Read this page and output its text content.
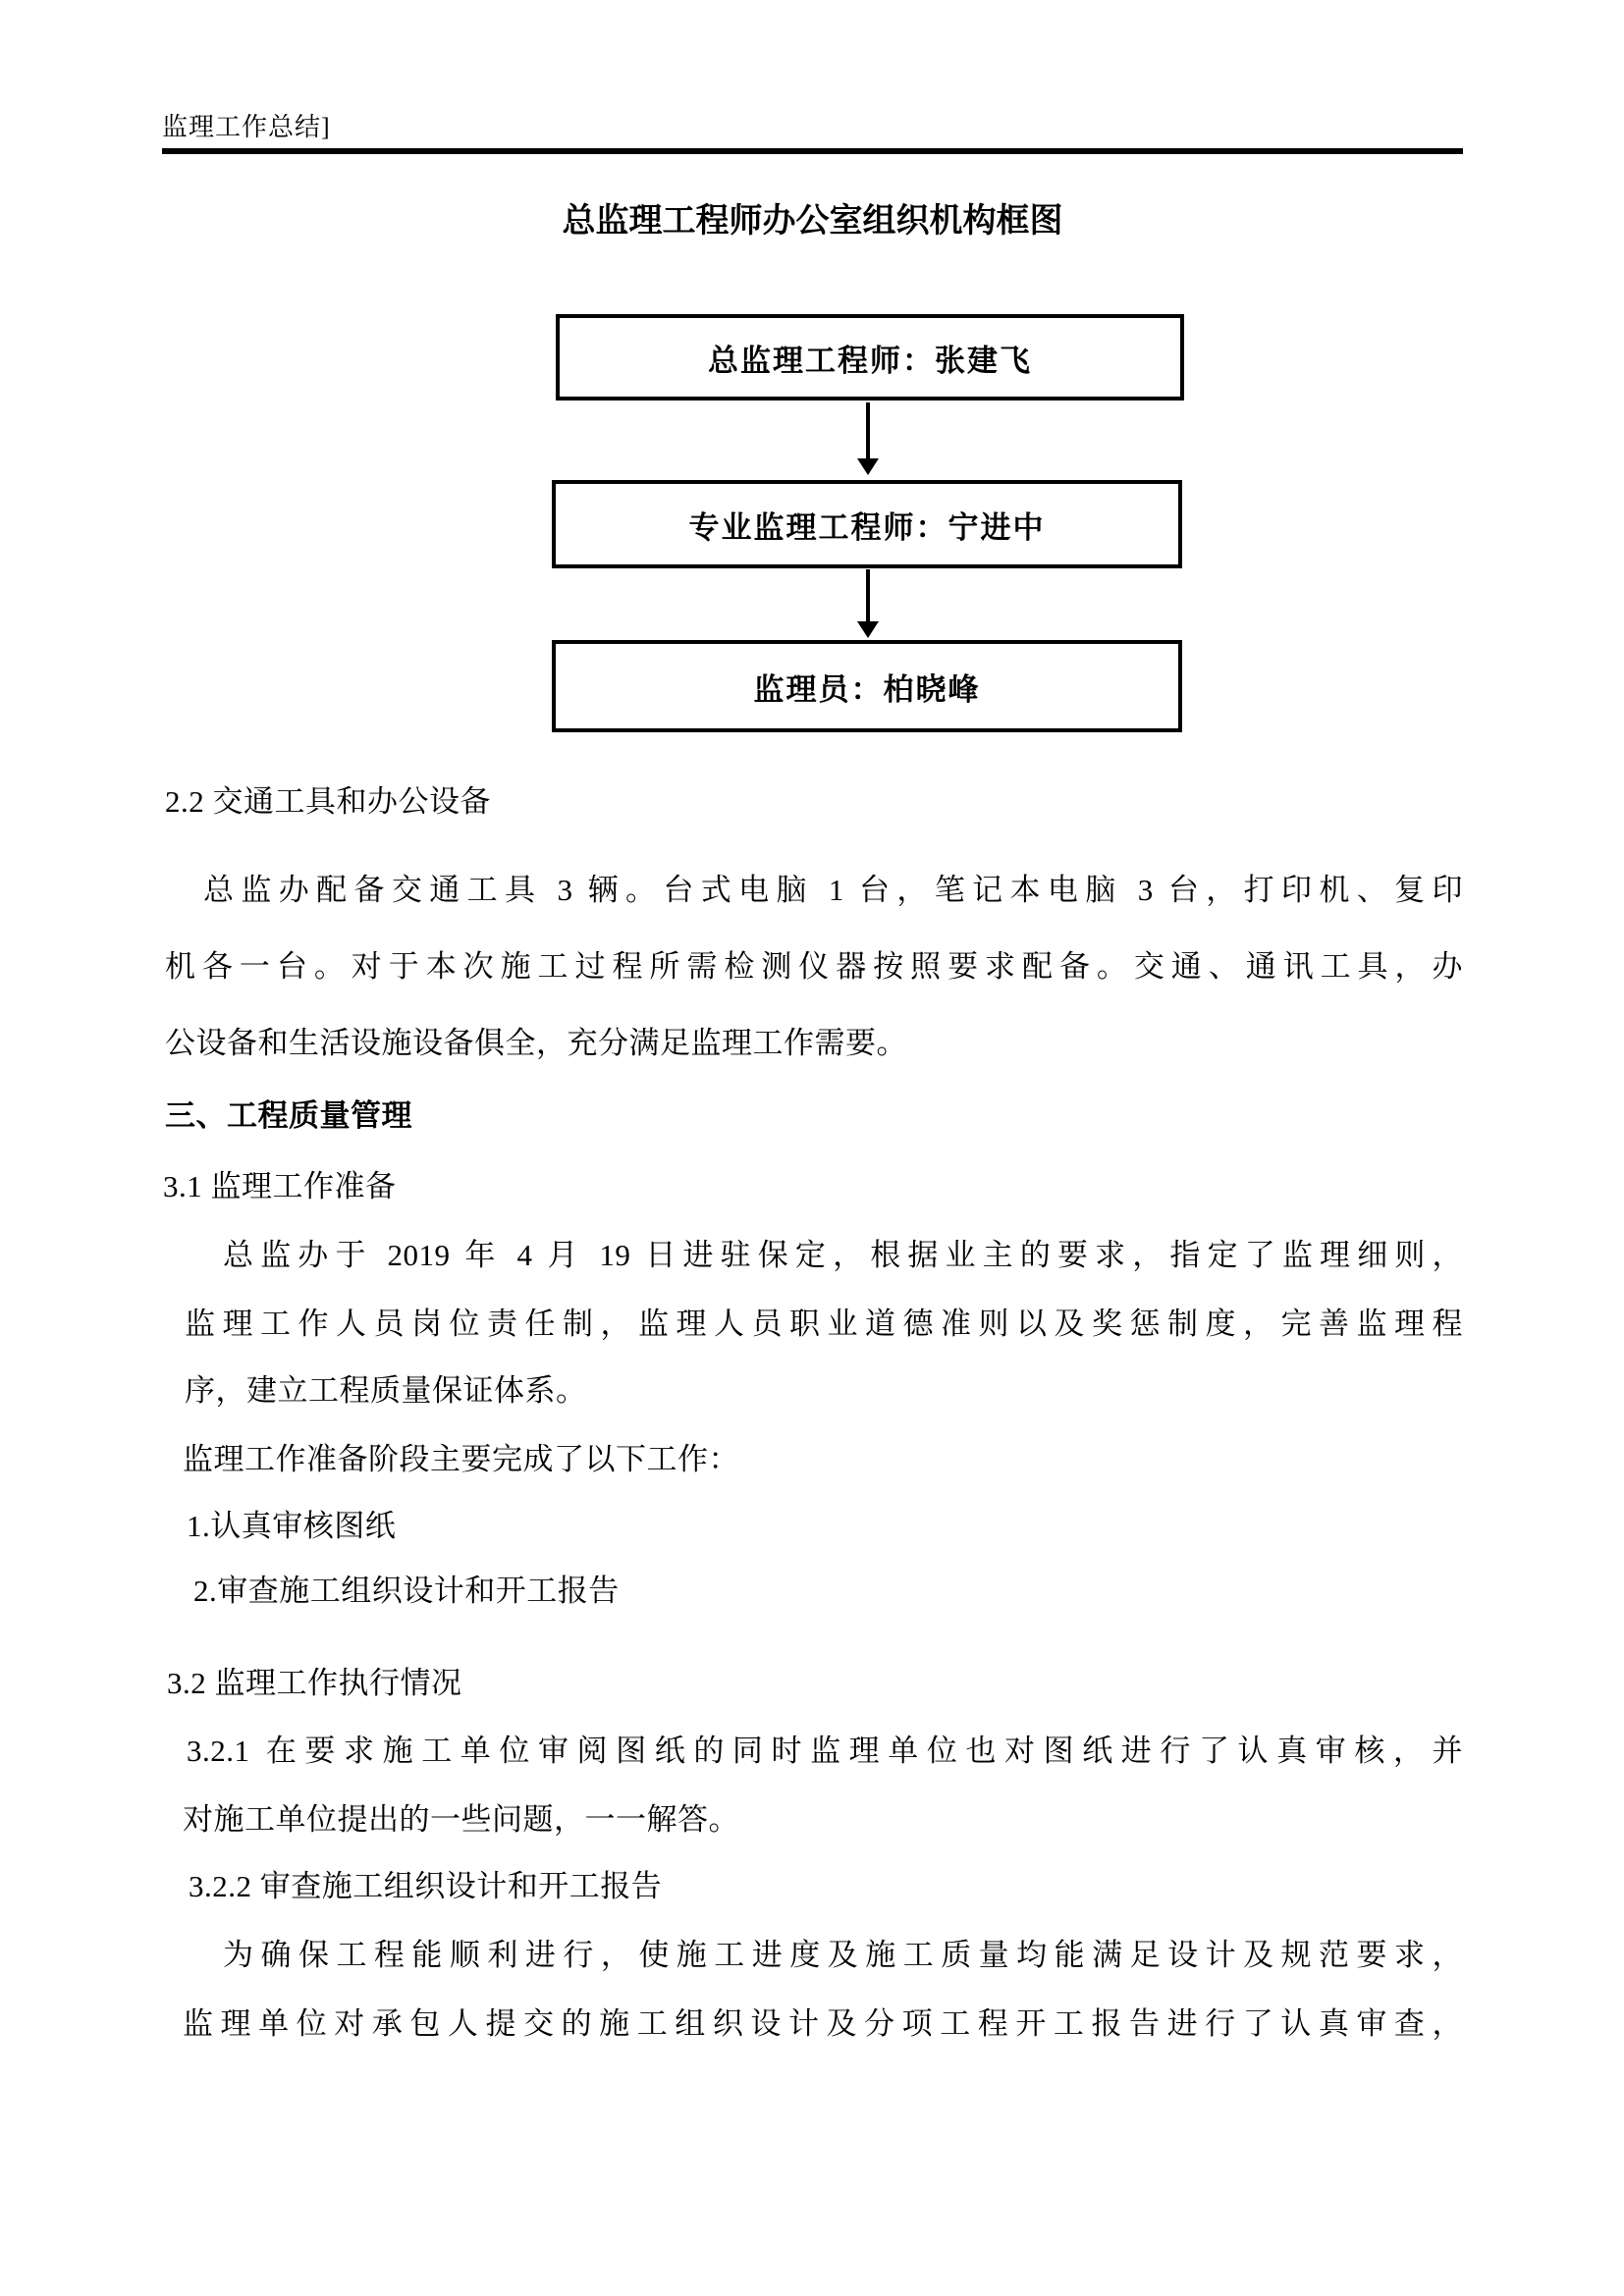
监理工作总结]
总监理工程师办公室组织机构框图
总监理工程师：张建飞
专业监理工程师：宁进中
监理员：柏晓峰
2.2 交通工具和办公设备
总监办配备交通工具 3 辆。台式电脑 1 台，笔记本电脑 3 台，打印机、复印
机各一台。对于本次施工过程所需检测仪器按照要求配备。交通、通讯工具，办
公设备和生活设施设备俱全，充分满足监理工作需要。
三、工程质量管理
3.1 监理工作准备
总监办于 2019 年 4 月 19 日进驻保定，根据业主的要求，指定了监理细则，
监理工作人员岗位责任制，监理人员职业道德准则以及奖惩制度，完善监理程
序，建立工程质量保证体系。
监理工作准备阶段主要完成了以下工作：
1.认真审核图纸
2.审查施工组织设计和开工报告
3.2 监理工作执行情况
3.2.1 在要求施工单位审阅图纸的同时监理单位也对图纸进行了认真审核，并
对施工单位提出的一些问题，一一解答。
3.2.2 审查施工组织设计和开工报告
为确保工程能顺利进行，使施工进度及施工质量均能满足设计及规范要求，
监理单位对承包人提交的施工组织设计及分项工程开工报告进行了认真审查，
